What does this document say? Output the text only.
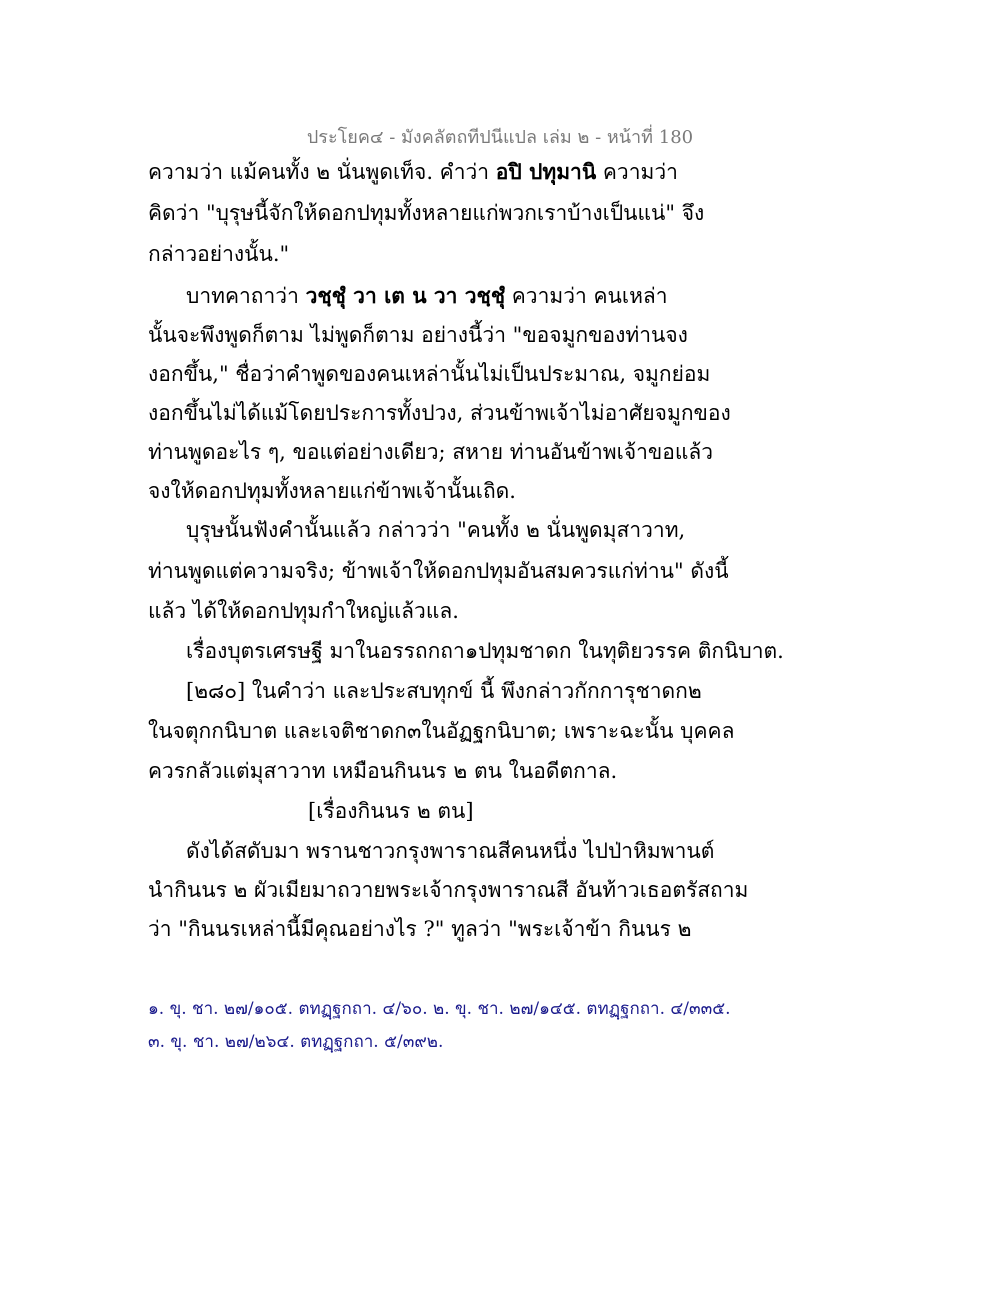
ประโยค๔ - มังคลัตถทีปนีแปล เล่ม ๒ - หน้าที่ 180
ความว่า แม้คนทั้ง ๒ นั่นพูดเท็จ. คำว่า อปิ ปทุมานิ ความว่า
คิดว่า "บุรุษนี้จักให้ดอกปทุมทั้งหลายแก่พวกเราบ้างเป็นแน่" จึง
กล่าวอย่างนั้น."
บาทคาถาว่า วชฺชุํ วา เต น วา วชฺชุํ ความว่า คนเหล่า
นั้นจะพึงพูดก็ตาม ไม่พูดก็ตาม อย่างนี้ว่า "ขอจมูกของท่านจง
งอกขึ้น," ชื่อว่าคำพูดของคนเหล่านั้นไม่เป็นประมาณ, จมูกย่อม
งอกขึ้นไม่ได้แม้โดยประการทั้งปวง, ส่วนข้าพเจ้าไม่อาศัยจมูกของ
ท่านพูดอะไร ๆ, ขอแต่อย่างเดียว; สหาย ท่านอันข้าพเจ้าขอแล้ว
จงให้ดอกปทุมทั้งหลายแก่ข้าพเจ้านั้นเถิด.
บุรุษนั้นฟังคำนั้นแล้ว กล่าวว่า "คนทั้ง ๒ นั่นพูดมุสาวาท,
ท่านพูดแต่ความจริง; ข้าพเจ้าให้ดอกปทุมอันสมควรแก่ท่าน" ดังนี้
แล้ว ได้ให้ดอกปทุมกำใหญ่แล้วแล.
เรื่องบุตรเศรษฐี มาในอรรถกถา๑ปทุมชาดก ในทุติยวรรค ติกนิบาต.
[๒๘๐] ในคำว่า และประสบทุกข์ นี้ พึงกล่าวกักการุชาดก๒
ในจตุกกนิบาต และเจติชาดก๓ในอัฏฐกนิบาต; เพราะฉะนั้น บุคคล
ควรกลัวแต่มุสาวาท เหมือนกินนร ๒ ตน ในอดีตกาล.
[เรื่องกินนร ๒ ตน]
ดังได้สดับมา พรานชาวกรุงพาราณสีคนหนึ่ง ไปป่าหิมพานต์
นำกินนร ๒ ผัวเมียมาถวายพระเจ้ากรุงพาราณสี อันท้าวเธอตรัสถาม
ว่า "กินนรเหล่านี้มีคุณอย่างไร ?" ทูลว่า "พระเจ้าข้า กินนร ๒
๑. ขุ. ชา. ๒๗/๑๐๕. ตทฏฺฐกถา. ๔/๖๐. ๒. ขุ. ชา. ๒๗/๑๔๕. ตทฏฺฐกถา. ๔/๓๓๕.
๓. ขุ. ชา. ๒๗/๒๖๔. ตทฏฺฐกถา. ๕/๓๙๒.
